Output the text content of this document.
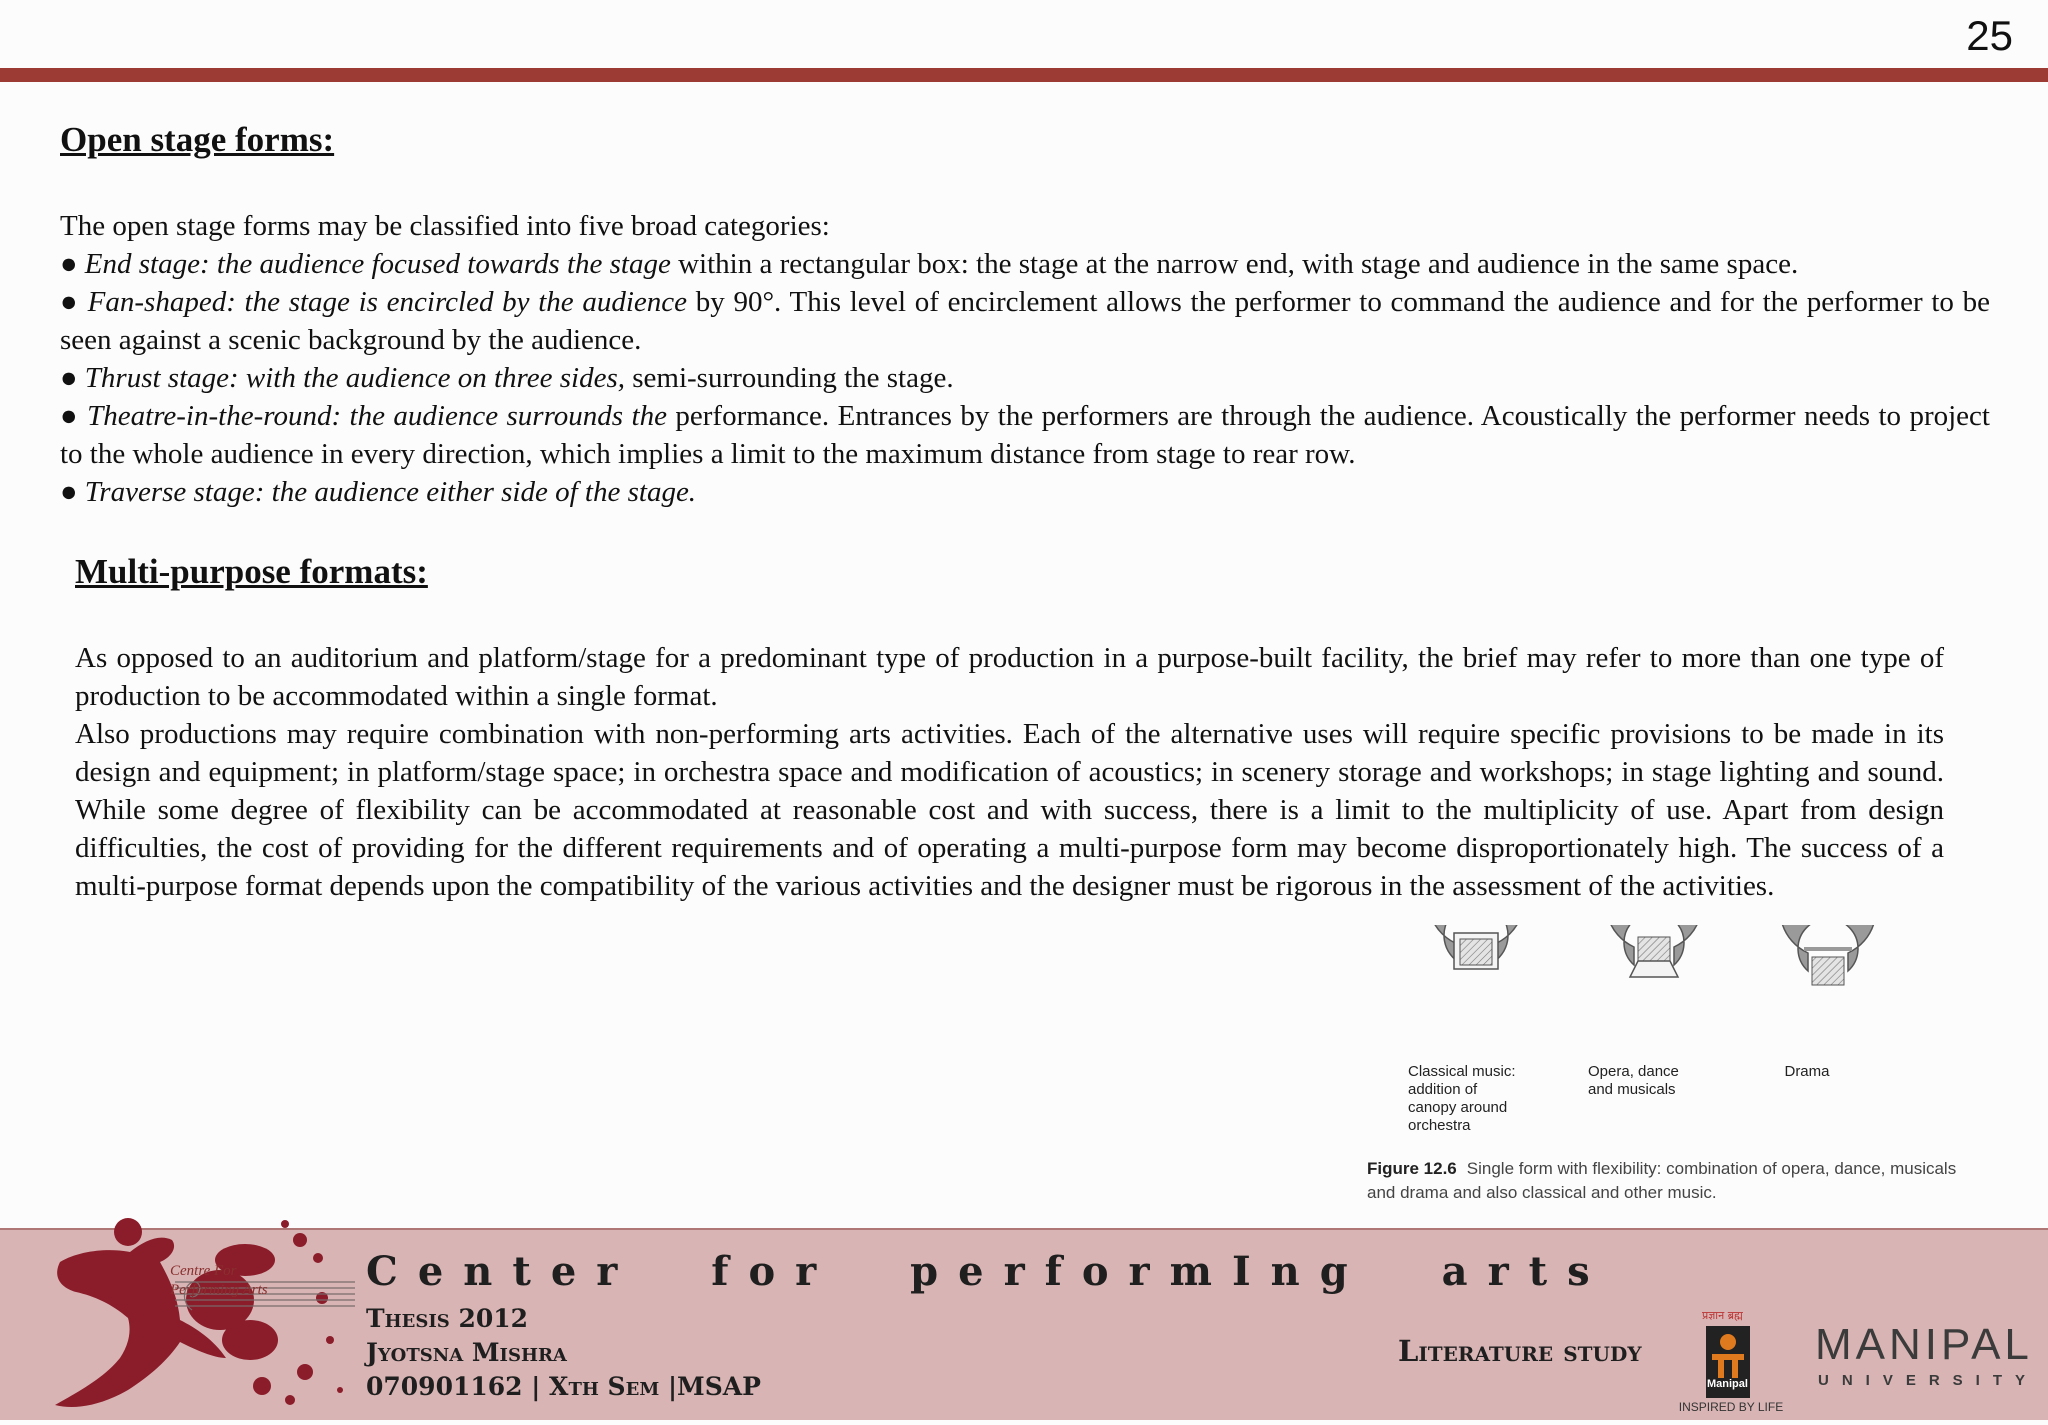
25
Open stage forms:

The open stage forms may be classified into five broad categories:

● End stage: the audience focused towards the stage within a rectangular box: the stage at the narrow end, with stage and audience in the same space.

● Fan-shaped: the stage is encircled by the audience by 90°. This level of encirclement allows the performer to command the audience and for the performer to be seen against a scenic background by the audience.

● Thrust stage: with the audience on three sides, semi-surrounding the stage.

● Theatre-in-the-round: the audience surrounds the performance. Entrances by the performers are through the audience. Acoustically the performer needs to project to the whole audience in every direction, which implies a limit to the maximum distance from stage to rear row.

● Traverse stage: the audience either side of the stage.

Multi-purpose formats:

As opposed to an auditorium and platform/stage for a predominant type of production in a purpose-built facility, the brief may refer to more than one type of production to be accommodated within a single format.

Also productions may require combination with non-performing arts activities. Each of the alternative uses will require specific provisions to be made in its design and equipment; in platform/stage space; in orchestra space and modification of acoustics; in scenery storage and workshops; in stage lighting and sound. While some degree of flexibility can be accommodated at reasonable cost and with success, there is a limit to the multiplicity of use. Apart from design difficulties, the cost of providing for the different requirements and of operating a multi-purpose form may become disproportionately high. The success of a multi-purpose format depends upon the compatibility of the various activities and the designer must be rigorous in the assessment of the activities.

Classical music:
addition of
canopy around
orchestra
Opera, dance
and musicals
Drama
Figure 12.6 Single form with flexibility: combination of opera, dance, musicals and drama and also classical and other music.
Centre For
Performing Arts Center for performIng arts
Thesis 2012
Jyotsna Mishra
070901162 | Xth Sem |MSAP
Literature study
प्रज्ञान ब्रह्म
Manipal
INSPIRED BY LIFE
MANIPAL
UNIVERSITY
